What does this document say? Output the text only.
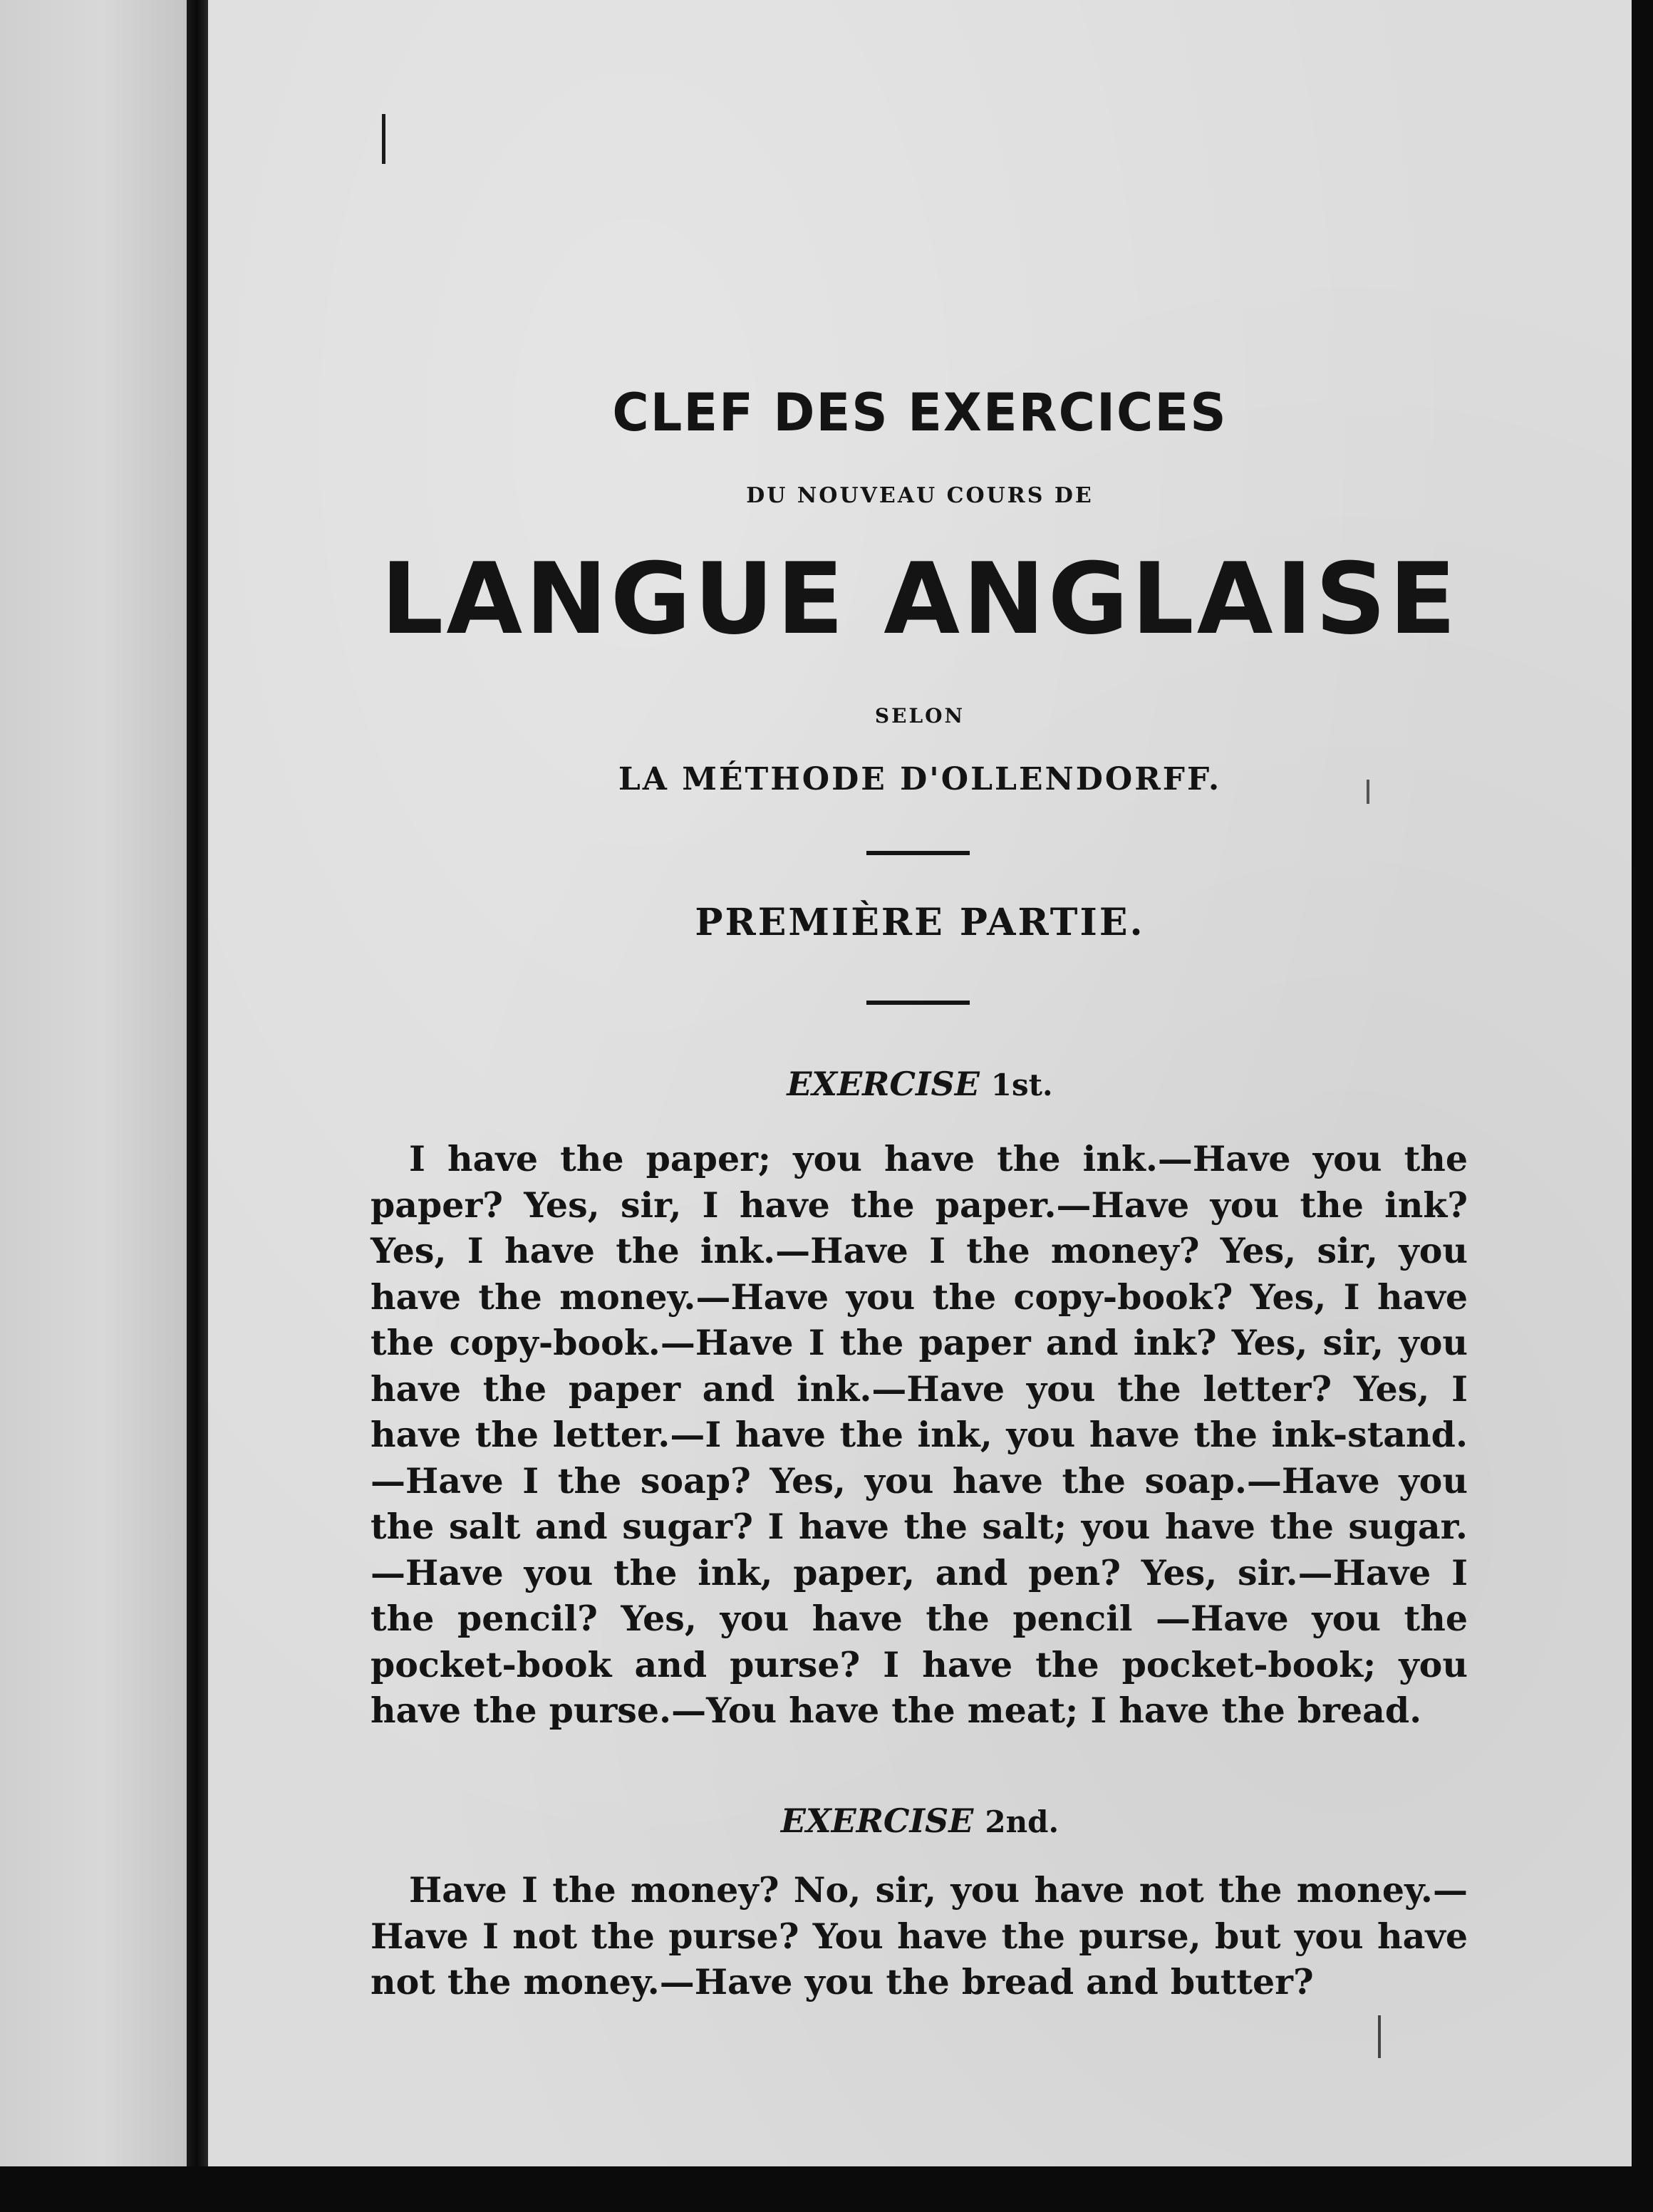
CLEF DES EXERCICES
DU NOUVEAU COURS DE
LANGUE ANGLAISE
SELON
LA MÉTHODE D'OLLENDORFF.
PREMIÈRE PARTIE.
EXERCISE 1st.

I have the paper; you have the ink.—Have you the paper? Yes, sir, I have the paper.—Have you the ink? Yes, I have the ink.—Have I the money? Yes, sir, you have the money.—Have you the copy-book? Yes, I have the copy-book.—Have I the paper and ink? Yes, sir, you have the paper and ink.—Have you the letter? Yes, I have the letter.—I have the ink, you have the ink-stand.—Have I the soap? Yes, you have the soap.—Have you the salt and sugar? I have the salt; you have the sugar.—Have you the ink, paper, and pen? Yes, sir.—Have I the pencil? Yes, you have the pencil —Have you the pocket-book and purse? I have the pocket-book; you have the purse.—You have the meat; I have the bread.

EXERCISE 2nd.

Have I the money? No, sir, you have not the money.—Have I not the purse? You have the purse, but you have not the money.—Have you the bread and butter?
